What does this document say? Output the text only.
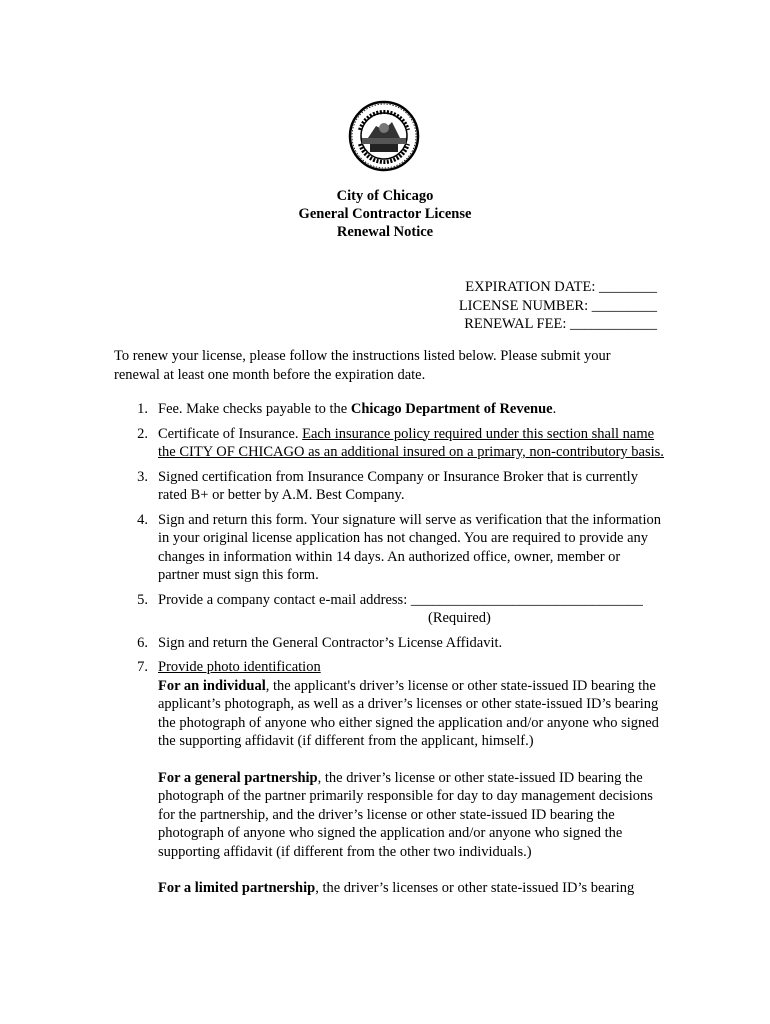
City of Chicago
General Contractor License
Renewal Notice
EXPIRATION DATE: ________
LICENSE NUMBER: _________
RENEWAL FEE: ____________
To renew your license, please follow the instructions listed below. Please submit your renewal at least one month before the expiration date.
1. Fee. Make checks payable to the Chicago Department of Revenue.
2. Certificate of Insurance. Each insurance policy required under this section shall name the CITY OF CHICAGO as an additional insured on a primary, non-contributory basis.
3. Signed certification from Insurance Company or Insurance Broker that is currently rated B+ or better by A.M. Best Company.
4. Sign and return this form. Your signature will serve as verification that the information in your original license application has not changed. You are required to provide any changes in information within 14 days. An authorized office, owner, member or partner must sign this form.
5. Provide a company contact e-mail address: ________________________________
(Required)
6. Sign and return the General Contractor’s License Affidavit.
7. Provide photo identification
For an individual, the applicant's driver’s license or other state-issued ID bearing the applicant’s photograph, as well as a driver’s licenses or other state-issued ID’s bearing the photograph of anyone who either signed the application and/or anyone who signed the supporting affidavit (if different from the applicant, himself.)
For a general partnership, the driver’s license or other state-issued ID bearing the photograph of the partner primarily responsible for day to day management decisions for the partnership, and the driver’s license or other state-issued ID bearing the photograph of anyone who signed the application and/or anyone who signed the supporting affidavit (if different from the other two individuals.)
For a limited partnership, the driver’s licenses or other state-issued ID’s bearing
